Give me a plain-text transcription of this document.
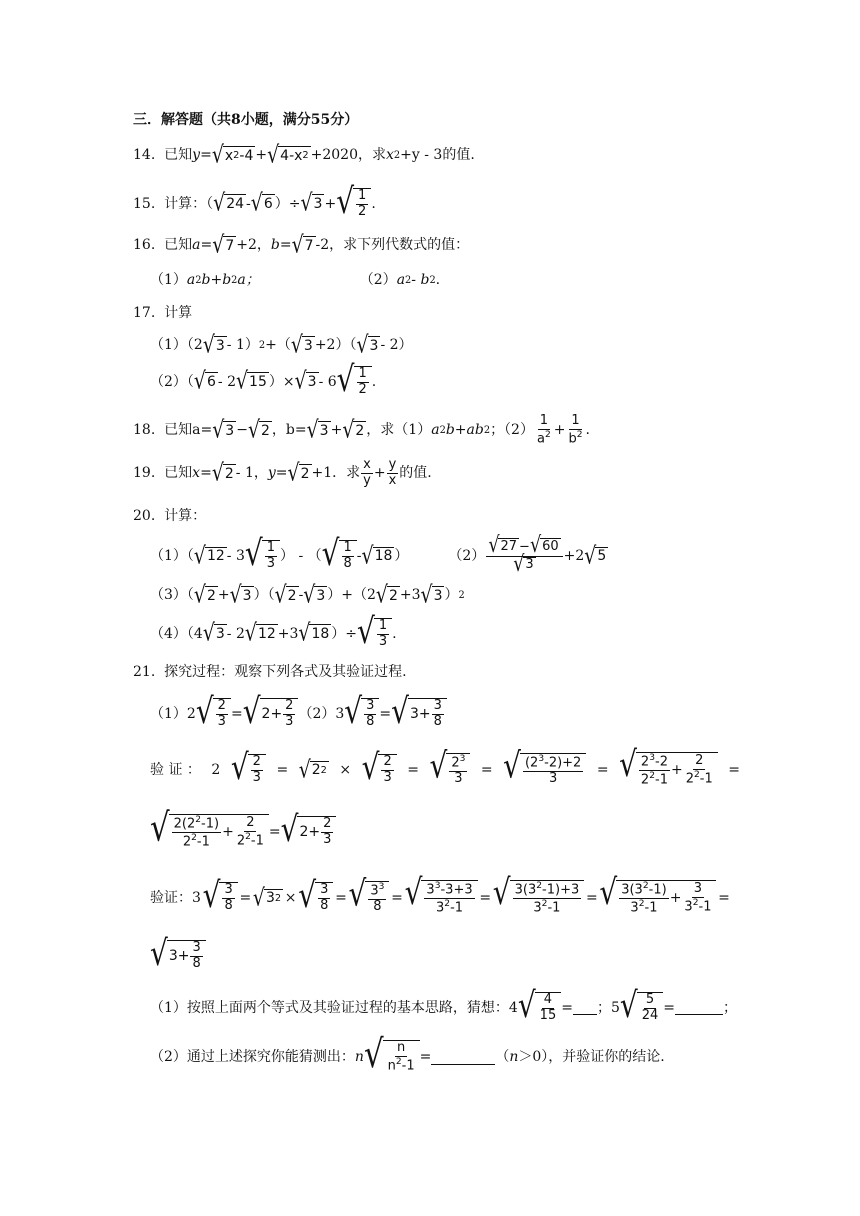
三．解答题（共8小题，满分55分）
14.
已知 y = √ x 2 -4 + √ 4-x 2 +2020，求 x 2 +y - 3的值.
15.
计算：（ √ 24 - √ 6 ）÷ √ 3 + √ $\frac{1}{2}$ .
16.
已知 a = √ 7 +2， b = √ 7 -2，求下列代数式的值：
（1） a 2 b+b 2 a；	（2） a 2 - b 2 .
17.
计算
（1）（2 √ 3 - 1） 2 +（ √ 3 +2）（ √ 3 - 2）
（2）（ √ 6 - 2 √ 15 ）× √ 3 - 6 √ $\frac{1}{2}$ .
18.
已知a= √ 3 − √ 2 ，b= √ 3 + √ 2 ，求（1） a 2 b+ab 2 ；$(2) \frac{1}{a^2} + \frac{1}{b^2}$ .
19.
已知 x = √ 2 - 1， y = √ 2 +1．求 $\frac{x}{y} + \frac{y}{x}$ 的值.
20.
计算：
（1）（ √ 12 - 3 √ $\frac{1}{3}$ ） - （ √ $\frac{1}{8}$ - √ 18 ）	$(2) \frac{√ 27 - √ 60}{√ 3} +2$ √ 5
（3）（ √ 2 + √ 3 ）（ √ 2 - √ 3 ）+（2 √ 2 +3 √ 3 ） 2
（4）（4 √ 3 - 2 √ 12 +3 √ 18 ）÷ √ $\frac{1}{3}$ .
21.
探究过程：观察下列各式及其验证过程.
（1）2 √ $\frac{2}{3}$ = √ $2+ \frac{2}{3} (2)3$ √ $\frac{3}{8}$ = √ $3+ \frac{3}{8}$
验 证 ： 2 √ $\frac{2}{3}$ = √ 2 2 × √ $\frac{2}{3}$ = √ $\frac{2^3}{3}$ = √ $\frac{(2^3-2)+2}{3}$ = √ $\frac{2^3-2}{2^2-1} + \frac{2}{2^2-1}$ =
√ $\frac{2(2^2-1)}{2^2-1} + \frac{2}{2^2-1}$ = √ $2+ \frac{2}{3}$
验证：3 √ $\frac{3}{8}$ = √ 3 2 × √ $\frac{3}{8}$ = √ $\frac{3^3}{8}$ = √ $\frac{3^3-3+3}{3^2-1}$ = √ $\frac{3(3^2-1)+3}{3^2-1}$ = √ $\frac{3(3^2-1)}{3^2-1} + \frac{3}{3^2-1}$ =
√ $3+ \frac{3}{8}$
（1）按照上面两个等式及其验证过程的基本思路，猜想：4 √ $\frac{4}{15}$ = ；5 √ $\frac{5}{24}$ =	；
（2）通过上述探究你能猜测出： n √ $\frac{n}{n^2-1}$ =	（ n ＞0），并验证你的结论.
